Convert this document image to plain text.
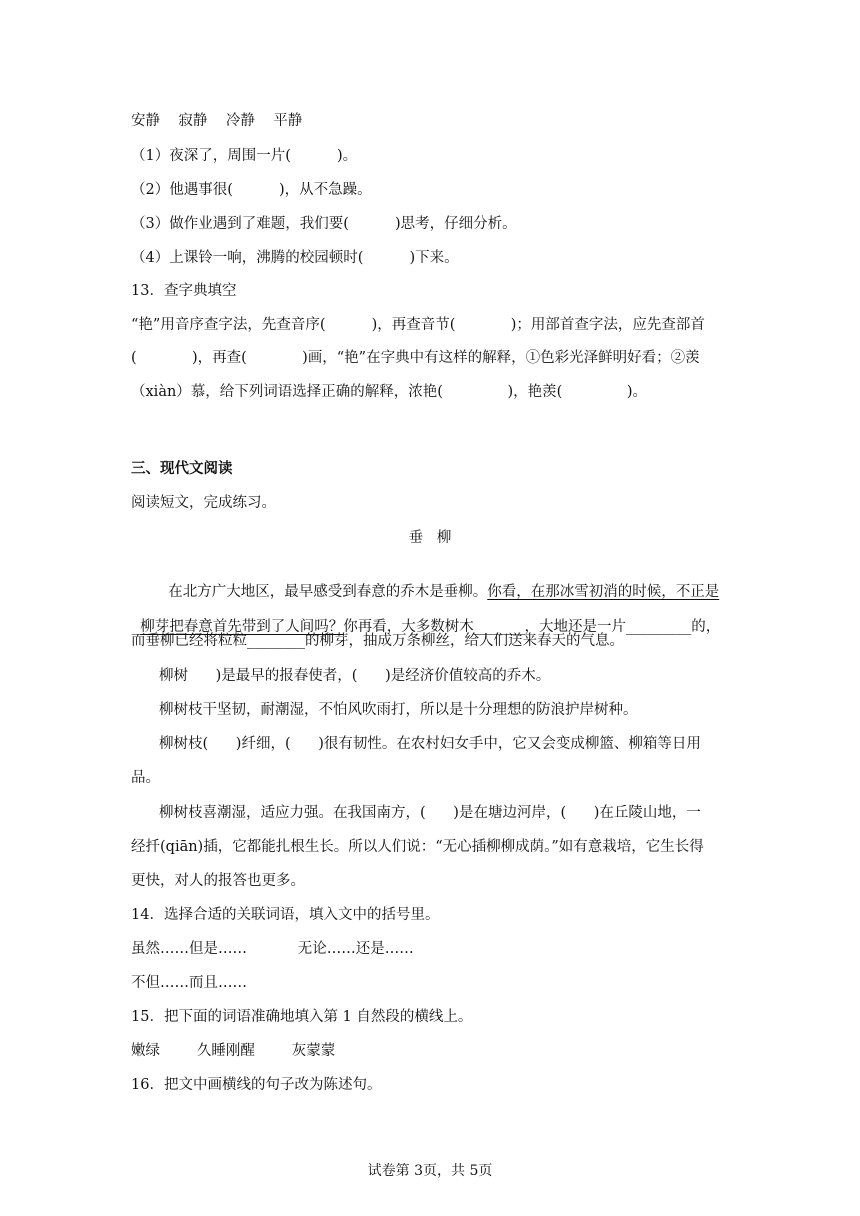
安静    寂静    冷静    平静
（1）夜深了，周围一片(          )。
（2）他遇事很(          )，从不急躁。
（3）做作业遇到了难题，我们要(          )思考，仔细分析。
（4）上课铃一响，沸腾的校园顿时(          )下来。
13．查字典填空
“艳”用音序查字法，先查音序(          )，再查音节(            )；用部首查字法，应先查部首
(            )，再查(            )画，“艳”在字典中有这样的解释，①色彩光泽鲜明好看；②羡
（xiàn）慕，给下列词语选择正确的解释，浓艳(              )，艳羡(              )。
三、现代文阅读
阅读短文，完成练习。
垂   柳

在北方广大地区，最早感受到春意的乔木是垂柳。你看，在那冰雪初消的时候，不正是

柳芽把春意首先带到了人间吗？你再看，大多数树木_______，大地还是一片_________的，

而垂柳已经将粒粒________的柳芽，抽成万条柳丝，给人们送来春天的气息。
柳树      )是最早的报春使者，(      )是经济价值较高的乔木。
柳树枝干坚韧，耐潮湿，不怕风吹雨打，所以是十分理想的防浪护岸树种。
柳树枝(      )纤细，(      )很有韧性。在农村妇女手中，它又会变成柳篮、柳箱等日用
品。
柳树枝喜潮湿，适应力强。在我国南方，(      )是在塘边河岸，(      )在丘陵山地，一
经扦(qiān)插，它都能扎根生长。所以人们说：“无心插柳柳成荫。”如有意栽培，它生长得
更快，对人的报答也更多。
14．选择合适的关联词语，填入文中的括号里。
虽然……但是……           无论……还是……
不但……而且……
15．把下面的词语准确地填入第 1 自然段的横线上。
嫩绿        久睡刚醒        灰蒙蒙
16．把文中画横线的句子改为陈述句。
试卷第 3页，共 5页
